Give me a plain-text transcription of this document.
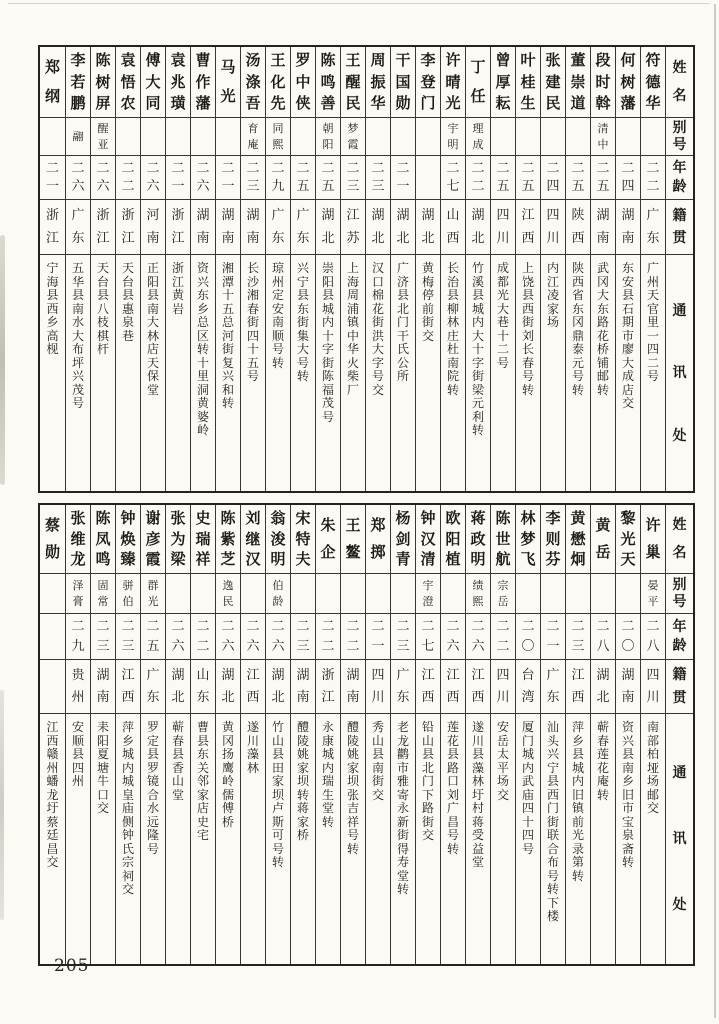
姓
名
别
号
年
龄
籍
贯
通
讯
处
符
德
华
二
二
广
东
广
州
天
官
里
一
四
二
号
何
树
藩
二
四
湖
南
东
安
县
石
期
市
廖
大
成
店
交
段
时
斡
清
中
二
五
湖
南
武
冈
大
东
路
花
桥
铺
邮
转
董
崇
道
二
五
陕
西
陕
西
省
东
冈
鼎
泰
元
号
转
张
建
民
二
四
四
川
内
江
凌
家
场
叶
桂
生
二
五
江
西
上
饶
县
西
街
刘
长
春
号
转
曾
厚
耘
二
五
四
川
成
都
光
大
巷
十
二
号
丁
任
理
成
二
二
湖
北
竹
溪
县
城
内
大
十
字
街
梁
元
利
转
许
晴
光
宇
明
二
七
山
西
长
治
县
柳
林
庄
杜
南
院
转
李
登
门
湖
北
黄
梅
停
前
街
交
干
国
勋
二
一
湖
北
广
济
县
北
门
干
氏
公
所
周
振
华
二
三
湖
北
汉
口
棉
花
街
洪
大
字
号
交
王
醒
民
梦
霞
二
三
江
苏
上
海
周
浦
镇
中
华
火
柴
厂
陈
鸣
善
朝
阳
二
五
湖
北
崇
阳
县
城
内
十
字
街
陈
福
茂
号
罗
中
侠
二
五
广
东
兴
宁
县
东
街
集
大
号
转
王
化
先
同
熙
二
九
广
东
琼
州
定
安
南
顺
号
转
汤
涤
吾
育
庵
二
三
湖
南
长
沙
湘
春
街
四
十
五
号
马
光
二
一
湖
南
湘
潭
十
五
总
河
街
复
兴
和
转
曹
作
藩
二
六
湖
南
资
兴
东
乡
总
区
转
十
里
洞
黄
婆
岭
袁
兆
璜
二
一
浙
江
浙
江
黄
岩
傅
大
同
二
六
河
南
正
阳
县
南
大
林
店
天
保
堂
袁
悟
农
二
二
浙
江
天
台
县
惠
泉
巷
陈
树
屏
醒
亚
二
六
浙
江
天
台
县
八
枝
棋
杆
李
若
鹏
翮
二
六
广
东
五
华
县
南
水
大
布
坪
兴
茂
号
郑
纲
二
一
浙
江
宁
海
县
西
乡
高
枧
姓
名
别
号
年
龄
籍
贯
通
讯
处
许
巢
晏
平
二
八
四
川
南
部
柏
垭
场
邮
交
黎
光
天
二
〇
湖
南
资
兴
县
南
乡
旧
市
宝
泉
斋
转
黄
岳
二
八
湖
北
蕲
春
莲
花
庵
转
黄
懋
炯
二
三
江
西
萍
乡
县
城
内
旧
镇
前
光
录
第
转
李
则
芬
二
一
广
东
汕
头
兴
宁
县
西
门
街
联
合
布
号
转
下
楼
林
梦
飞
二
〇
台
湾
厦
门
城
内
武
庙
四
十
四
号
陈
世
航
宗
岳
二
二
四
川
安
岳
太
平
场
交
蒋
政
明
绩
熙
二
六
江
西
遂
川
县
藻
林
圩
村
蒋
受
益
堂
欧
阳
植
二
六
江
西
莲
花
县
路
口
刘
广
昌
号
转
钟
汉
清
宇
澄
二
七
江
西
铅
山
县
北
门
下
路
街
交
杨
剑
青
二
三
广
东
老
龙
鹳
市
雅
寄
永
新
街
得
寿
堂
转
郑
掷
二
一
四
川
秀
山
县
南
街
交
王
鳌
二
二
湖
南
醴
陵
姚
家
坝
张
吉
祥
号
转
朱
企
二
二
浙
江
永
康
城
内
瑞
生
堂
转
宋
特
夫
二
三
湖
南
醴
陵
姚
家
坝
转
蒋
家
桥
翁
浚
明
伯
龄
二
六
湖
北
竹
山
县
田
家
坝
卢
斯
可
号
转
刘
继
汉
二
六
江
西
遂
川
藻
林
陈
紫
芝
逸
民
二
六
湖
北
黄
冈
扬
鹰
岭
儒
傅
桥
史
瑞
祥
二
二
山
东
曹
县
东
关
邻
家
店
史
宅
张
为
梁
二
六
湖
北
蕲
春
县
香
山
堂
谢
彦
霞
群
光
二
五
广
东
罗
定
县
罗
镜
合
水
远
隆
号
钟
焕
臻
骈
伯
二
三
江
西
萍
乡
城
内
城
皇
庙
侧
钟
氏
宗
祠
交
陈
凤
鸣
固
常
二
三
湖
南
耒
阳
夏
塘
牛
口
交
张
维
龙
泽
膏
二
九
贵
州
安
顺
县
四
州
蔡
勋
江
西
赣
州
蟠
龙
圩
蔡
廷
昌
交
205
